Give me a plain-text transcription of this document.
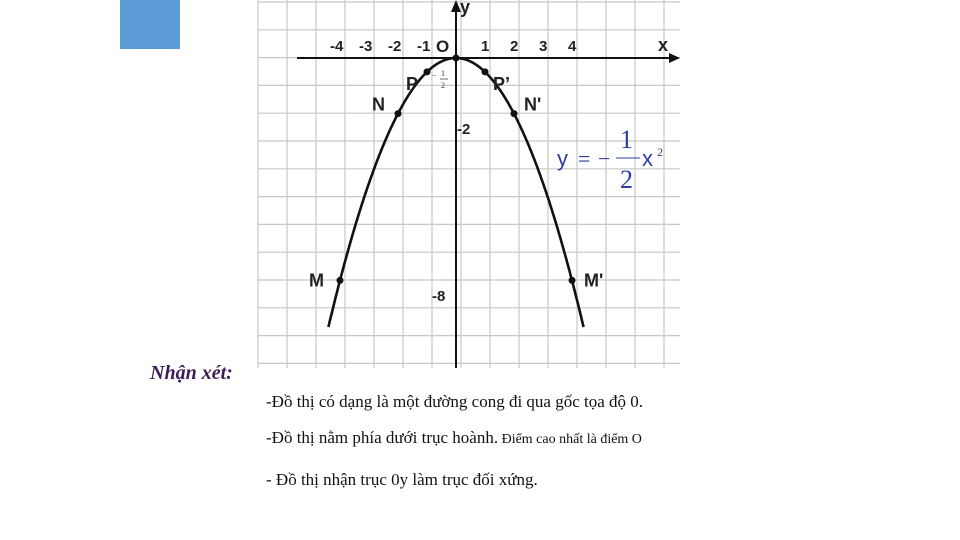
x
y
O
-4 -3 -2 -1	1 2 3 4
-2
-8
− 1
2
P	P’
N	N'
M	M'
y = −
1
2
x 2
Nhận xét:
-Đồ thị có dạng là một đường cong đi qua gốc tọa độ 0.
-Đồ thị nằm phía dưới trục hoành. Điểm cao nhất là điểm O
- Đồ thị nhận trục 0y làm trục đối xứng.
